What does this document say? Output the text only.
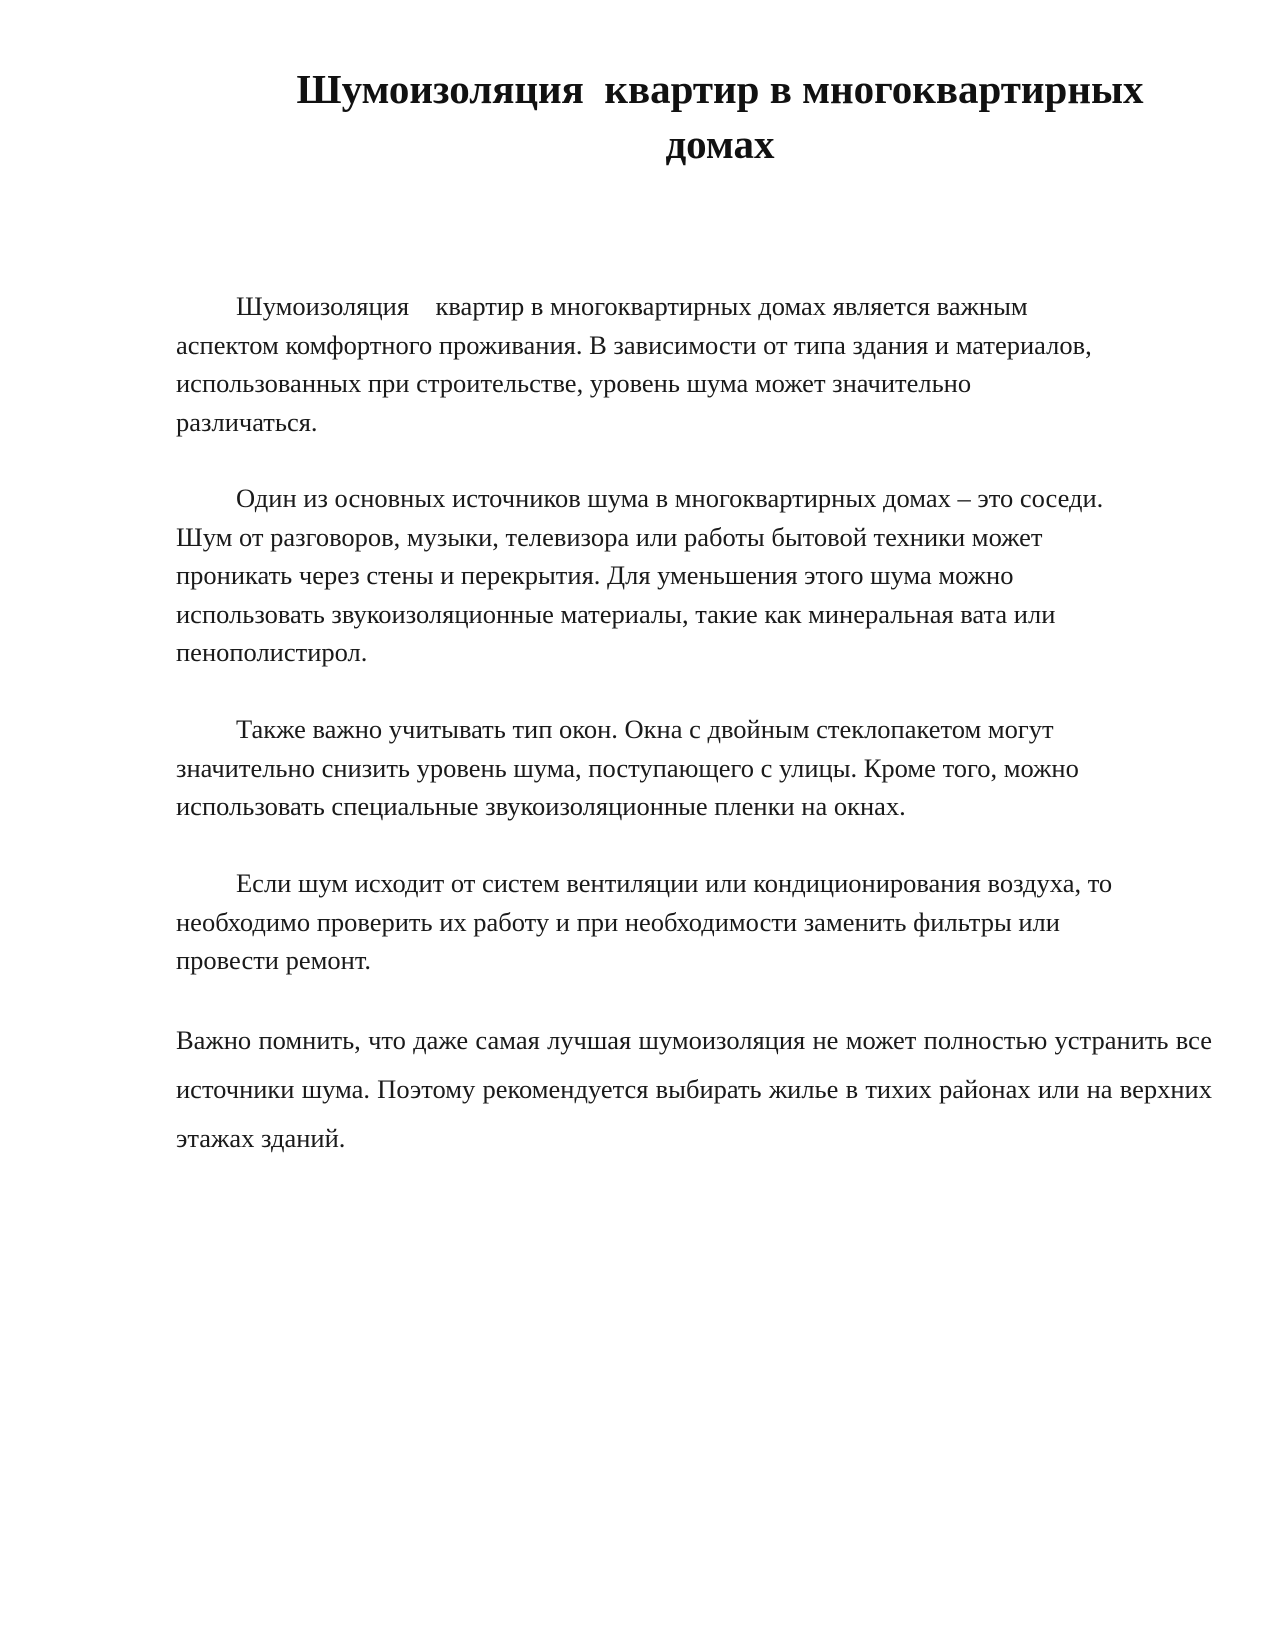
Шумоизоляция  квартир в многоквартирных
домах
Шумоизоляция    квартир в многоквартирных домах является важным
аспектом комфортного проживания. В зависимости от типа здания и материалов,
использованных при строительстве, уровень шума может значительно
различаться.
Один из основных источников шума в многоквартирных домах – это соседи.
Шум от разговоров, музыки, телевизора или работы бытовой техники может
проникать через стены и перекрытия. Для уменьшения этого шума можно
использовать звукоизоляционные материалы, такие как минеральная вата или
пенополистирол.
Также важно учитывать тип окон. Окна с двойным стеклопакетом могут
значительно снизить уровень шума, поступающего с улицы. Кроме того, можно
использовать специальные звукоизоляционные пленки на окнах.
Если шум исходит от систем вентиляции или кондиционирования воздуха, то
необходимо проверить их работу и при необходимости заменить фильтры или
провести ремонт.

Важно помнить, что даже самая лучшая шумоизоляция не может полностью устранить все источники шума. Поэтому рекомендуется выбирать жилье в тихих районах или на верхних этажах зданий.
